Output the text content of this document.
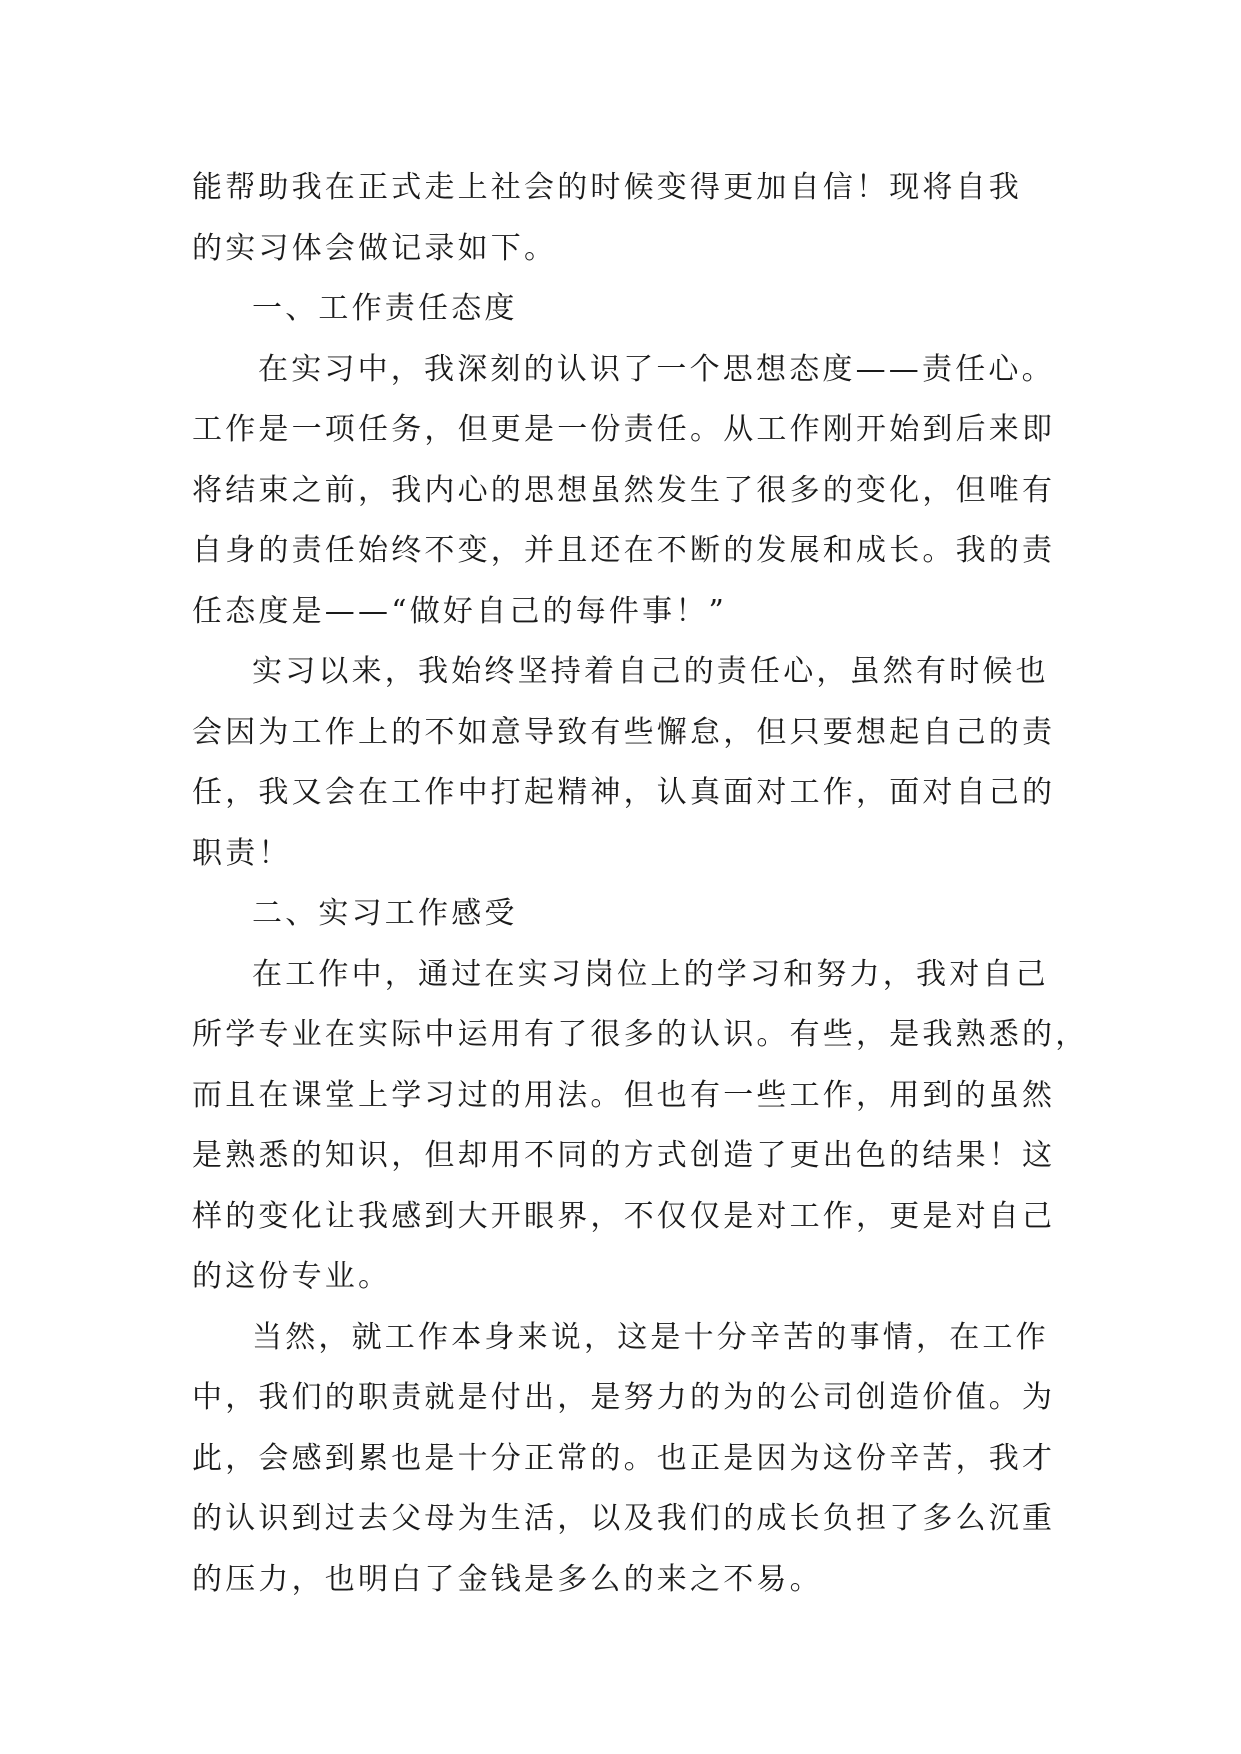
能帮助我在正式走上社会的时候变得更加自信！现将自我
的实习体会做记录如下。
一、工作责任态度
在实习中，我深刻的认识了一个思想态度——责任心。
工作是一项任务，但更是一份责任。从工作刚开始到后来即
将结束之前，我内心的思想虽然发生了很多的变化，但唯有
自身的责任始终不变，并且还在不断的发展和成长。我的责
任态度是——“做好自己的每件事！”
实习以来，我始终坚持着自己的责任心，虽然有时候也
会因为工作上的不如意导致有些懈怠，但只要想起自己的责
任，我又会在工作中打起精神，认真面对工作，面对自己的
职责！
二、实习工作感受
在工作中，通过在实习岗位上的学习和努力，我对自己
所学专业在实际中运用有了很多的认识。有些，是我熟悉的，
而且在课堂上学习过的用法。但也有一些工作，用到的虽然
是熟悉的知识，但却用不同的方式创造了更出色的结果！这
样的变化让我感到大开眼界，不仅仅是对工作，更是对自己
的这份专业。
当然，就工作本身来说，这是十分辛苦的事情，在工作
中，我们的职责就是付出，是努力的为的公司创造价值。为
此，会感到累也是十分正常的。也正是因为这份辛苦，我才
的认识到过去父母为生活，以及我们的成长负担了多么沉重
的压力，也明白了金钱是多么的来之不易。
